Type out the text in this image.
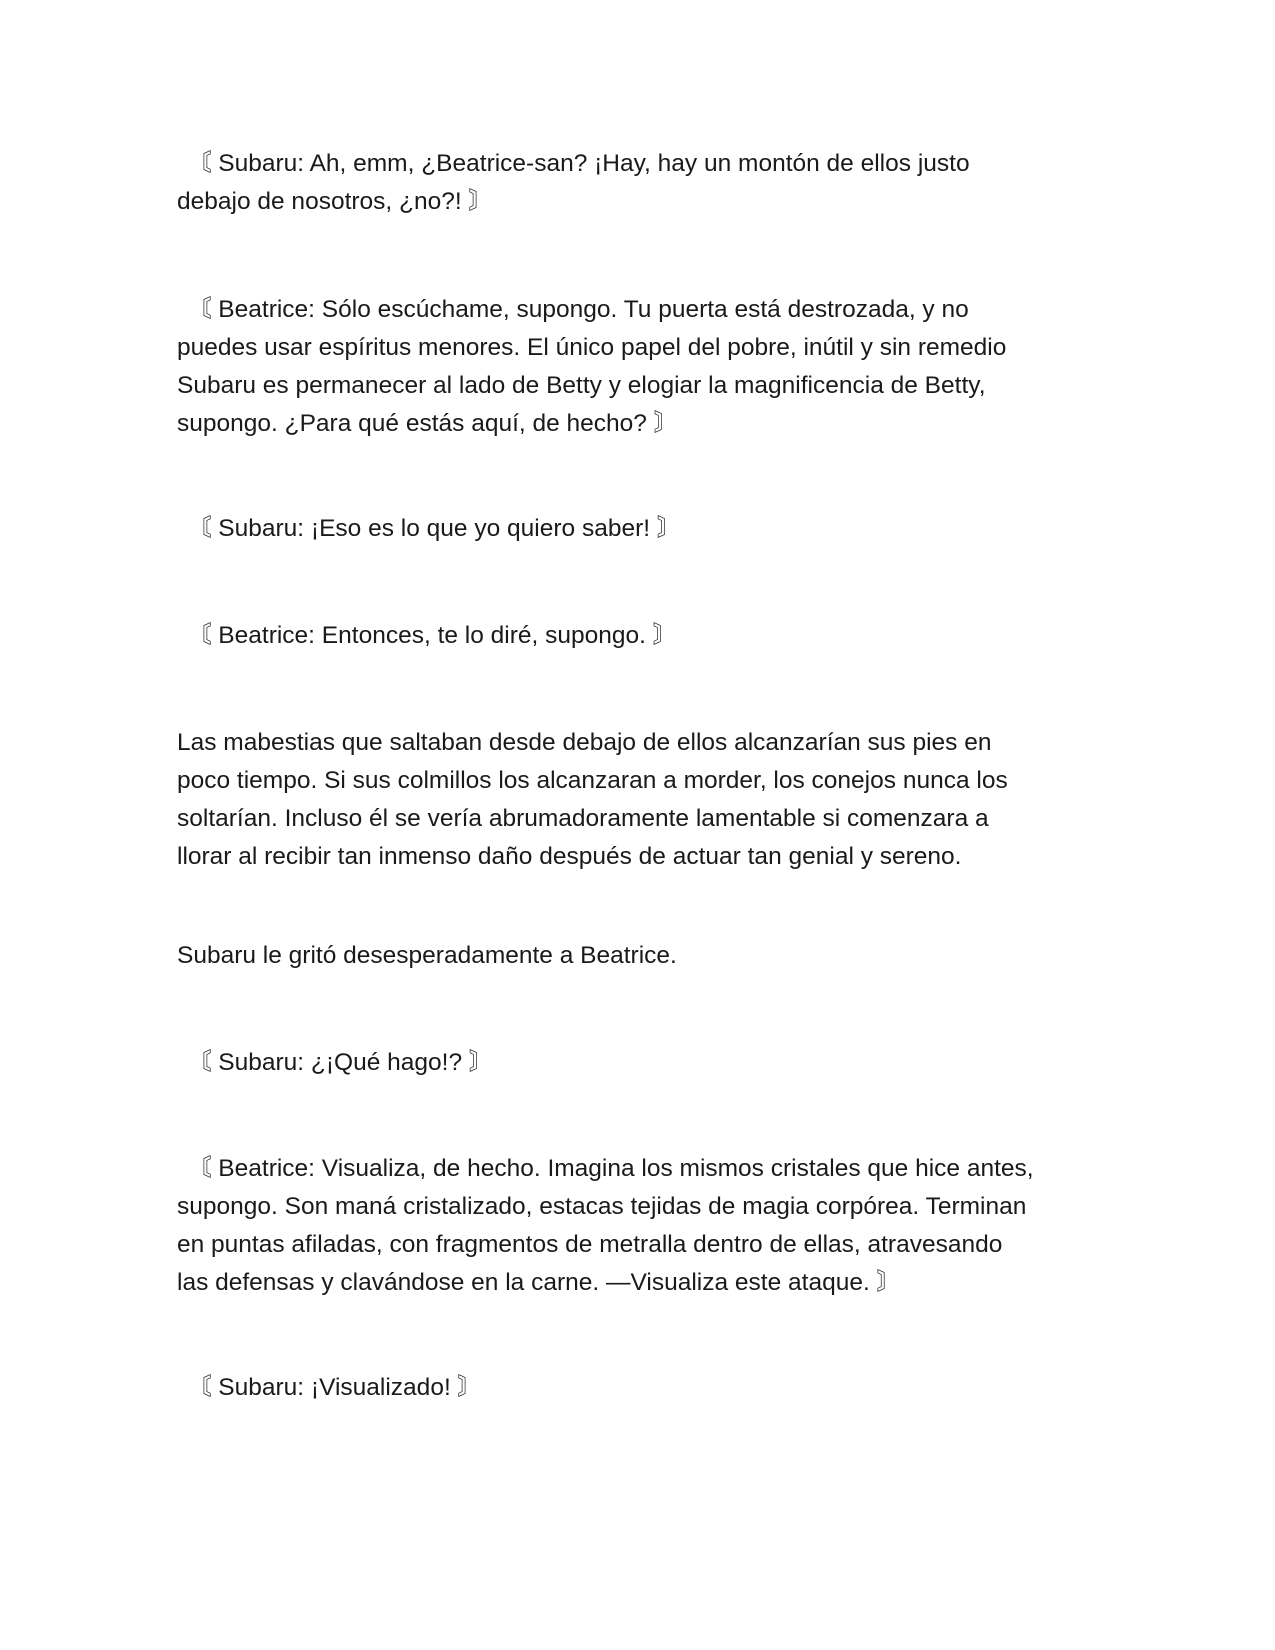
〘 Subaru: Ah, emm, ¿Beatrice-san? ¡Hay, hay un montón de ellos justo
debajo de nosotros, ¿no?! 〙

〘 Beatrice: Sólo escúchame, supongo. Tu puerta está destrozada, y no
puedes usar espíritus menores. El único papel del pobre, inútil y sin remedio
Subaru es permanecer al lado de Betty y elogiar la magnificencia de Betty,
supongo. ¿Para qué estás aquí, de hecho? 〙

〘 Subaru: ¡Eso es lo que yo quiero saber! 〙

〘 Beatrice: Entonces, te lo diré, supongo. 〙

Las mabestias que saltaban desde debajo de ellos alcanzarían sus pies en
poco tiempo. Si sus colmillos los alcanzaran a morder, los conejos nunca los
soltarían. Incluso él se vería abrumadoramente lamentable si comenzara a
llorar al recibir tan inmenso daño después de actuar tan genial y sereno.

Subaru le gritó desesperadamente a Beatrice.

〘 Subaru: ¿¡Qué hago!? 〙

〘 Beatrice: Visualiza, de hecho. Imagina los mismos cristales que hice antes,
supongo. Son maná cristalizado, estacas tejidas de magia corpórea. Terminan
en puntas afiladas, con fragmentos de metralla dentro de ellas, atravesando
las defensas y clavándose en la carne. —Visualiza este ataque. 〙

〘 Subaru: ¡Visualizado! 〙
